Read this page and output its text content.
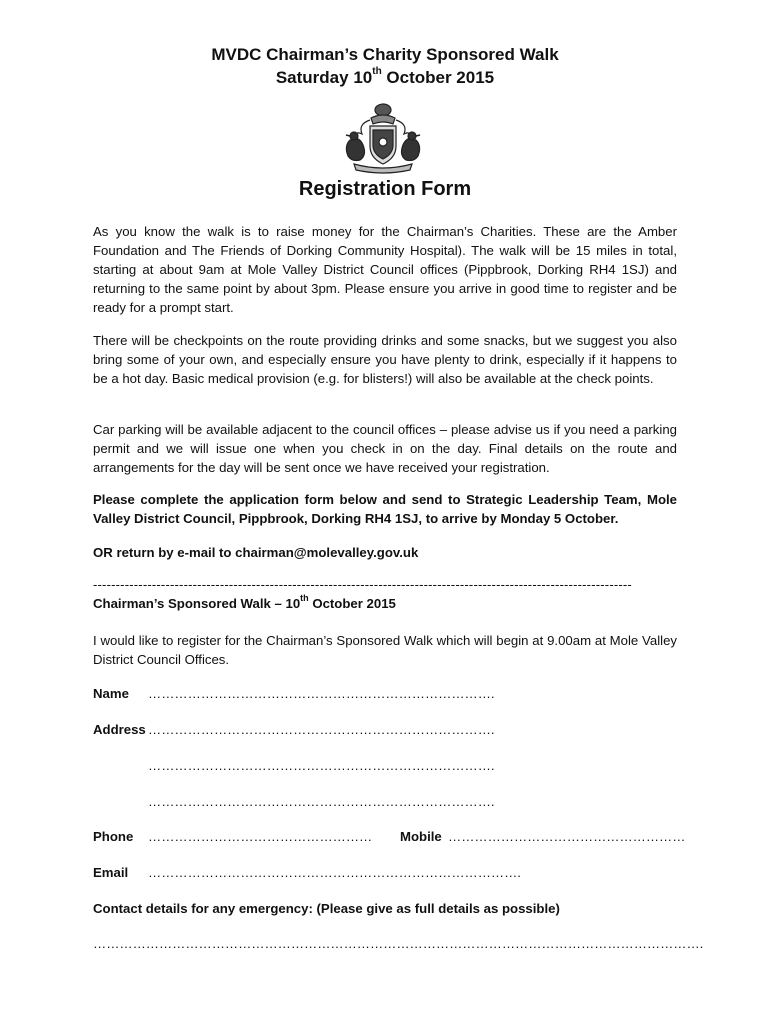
MVDC Chairman’s Charity Sponsored Walk
Saturday 10th October 2015
Registration Form
As you know the walk is to raise money for the Chairman’s Charities. These are the Amber Foundation and The Friends of Dorking Community Hospital). The walk will be 15 miles in total, starting at about 9am at Mole Valley District Council offices (Pippbrook, Dorking RH4 1SJ) and returning to the same point by about 3pm. Please ensure you arrive in good time to register and be ready for a prompt start.
There will be checkpoints on the route providing drinks and some snacks, but we suggest you also bring some of your own, and especially ensure you have plenty to drink, especially if it happens to be a hot day. Basic medical provision (e.g. for blisters!) will also be available at the check points.
Car parking will be available adjacent to the council offices – please advise us if you need a parking permit and we will issue one when you check in on the day. Final details on the route and arrangements for the day will be sent once we have received your registration.
Please complete the application form below and send to Strategic Leadership Team, Mole Valley District Council, Pippbrook, Dorking RH4 1SJ, to arrive by Monday 5 October.
OR return by e-mail to chairman@molevalley.gov.uk
-----------------------------------------------------------------------------------------------------------------------
Chairman’s Sponsored Walk – 10th October 2015
I would like to register for the Chairman’s Sponsored Walk which will begin at 9.00am at Mole Valley District Council Offices.
Name …………………………………………………………………….
Address …………………………………………………………………….
…………………………………………………………………….
…………………………………………………………………….
Phone …………………………………………… Mobile ………………………………………………
Email ………………………………………………………………………….
Contact details for any emergency: (Please give as full details as possible)
………………………………………………………………………………………………………………………….
